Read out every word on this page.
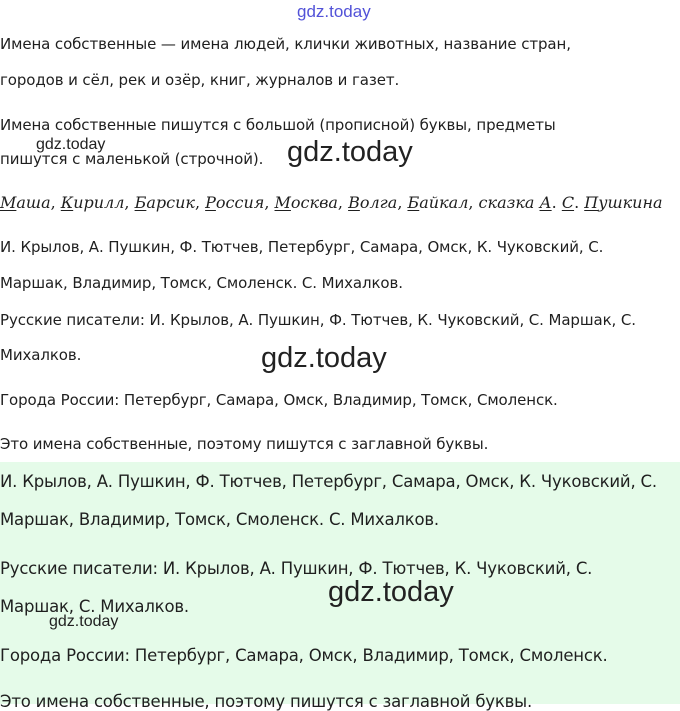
gdz.today

Имена собственные — имена людей, клички животных, название стран,

городов и сёл, рек и озёр, книг, журналов и газет.

Имена собственные пишутся с большой (прописной) буквы, предметы

пишутся с маленькой (строчной).

gdz.today	gdz.today
Маша, Кирилл, Барсик, Россия, Москва, Волга, Байкал, сказка А. С. Пушкина

И. Крылов, А. Пушкин, Ф. Тютчев, Петербург, Самара, Омск, К. Чуковский, С.

Маршак, Владимир, Томск, Смоленск. С. Михалков.

Русские писатели: И. Крылов, А. Пушкин, Ф. Тютчев, К. Чуковский, С. Маршак, С.

Михалков.	gdz.today

Города России: Петербург, Самара, Омск, Владимир, Томск, Смоленск.

Это имена собственные, поэтому пишутся с заглавной буквы.

И. Крылов, А. Пушкин, Ф. Тютчев, Петербург, Самара, Омск, К. Чуковский, С.

Маршак, Владимир, Томск, Смоленск. С. Михалков.

Русские писатели: И. Крылов, А. Пушкин, Ф. Тютчев, К. Чуковский, С.

Маршак, С. Михалков.	gdz.today
gdz.today

Города России: Петербург, Самара, Омск, Владимир, Томск, Смоленск.

Это имена собственные, поэтому пишутся с заглавной буквы.
